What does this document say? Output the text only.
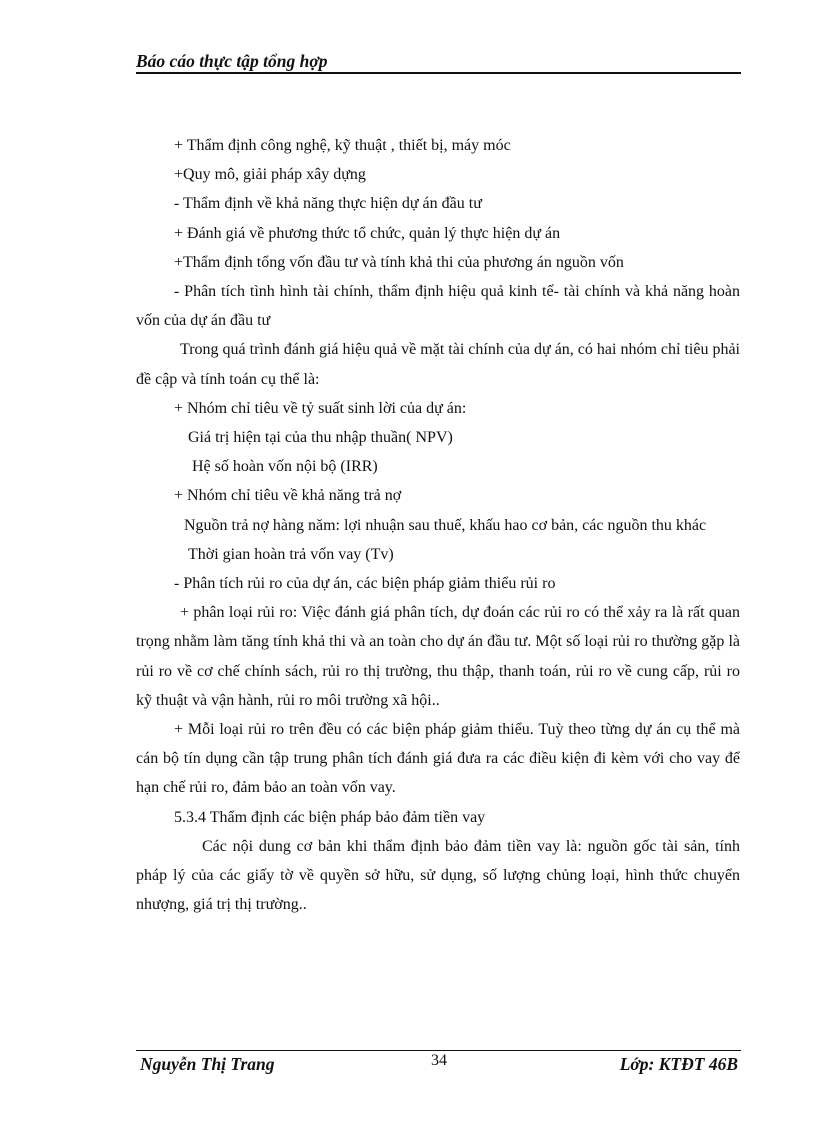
Báo cáo thực tập tổng hợp

+ Thẩm định công nghệ, kỹ thuật , thiết bị, máy móc

+Quy mô, giải pháp xây dựng

- Thẩm định về khả năng thực hiện dự án đầu tư

+ Đánh giá về phương thức tổ chức, quản lý thực hiện dự án

+Thẩm định tổng vốn đầu tư và tính khả thi của phương án nguồn vốn

- Phân tích tình hình tài chính, thẩm định hiệu quả kinh tế- tài chính và khả năng hoàn vốn của dự án đầu tư

Trong quá trình đánh giá hiệu quả về mặt tài chính của dự án, có hai nhóm chỉ tiêu phải đề cập và tính toán cụ thể là:

+ Nhóm chỉ tiêu về tỷ suất sinh lời của dự án:

Giá trị hiện tại của thu nhập thuần( NPV)

Hệ số hoàn vốn nội bộ (IRR)

+ Nhóm chỉ tiêu về khả năng trả nợ

Nguồn trả nợ hàng năm: lợi nhuận sau thuế, khấu hao cơ bản, các nguồn thu khác

Thời gian hoàn trả vốn vay (Tv)

- Phân tích rủi ro của dự án, các biện pháp giảm thiểu rủi ro

+ phân loại rủi ro: Việc đánh giá phân tích, dự đoán các rủi ro có thể xảy ra là rất quan trọng nhằm làm tăng tính khả thi và an toàn cho dự án đầu tư. Một số loại rủi ro thường gặp là rủi ro về cơ chế chính sách, rủi ro thị trường, thu thập, thanh toán, rủi ro về cung cấp, rủi ro kỹ thuật và vận hành, rủi ro môi trường xã hội..

+ Mỗi loại rủi ro trên đều có các biện pháp giảm thiểu. Tuỳ theo từng dự án cụ thể mà cán bộ tín dụng cần tập trung phân tích đánh giá đưa ra các điều kiện đi kèm với cho vay để hạn chế rủi ro, đảm bảo an toàn vốn vay.

5.3.4 Thẩm định các biện pháp bảo đảm tiền vay

Các nội dung cơ bản khi thẩm định bảo đảm tiền vay là: nguồn gốc tài sản, tính pháp lý của các giấy tờ về quyền sở hữu, sử dụng, số lượng chủng loại, hình thức chuyển nhượng, giá trị thị trường..

Nguyễn Thị Trang	34	Lớp: KTĐT 46B
